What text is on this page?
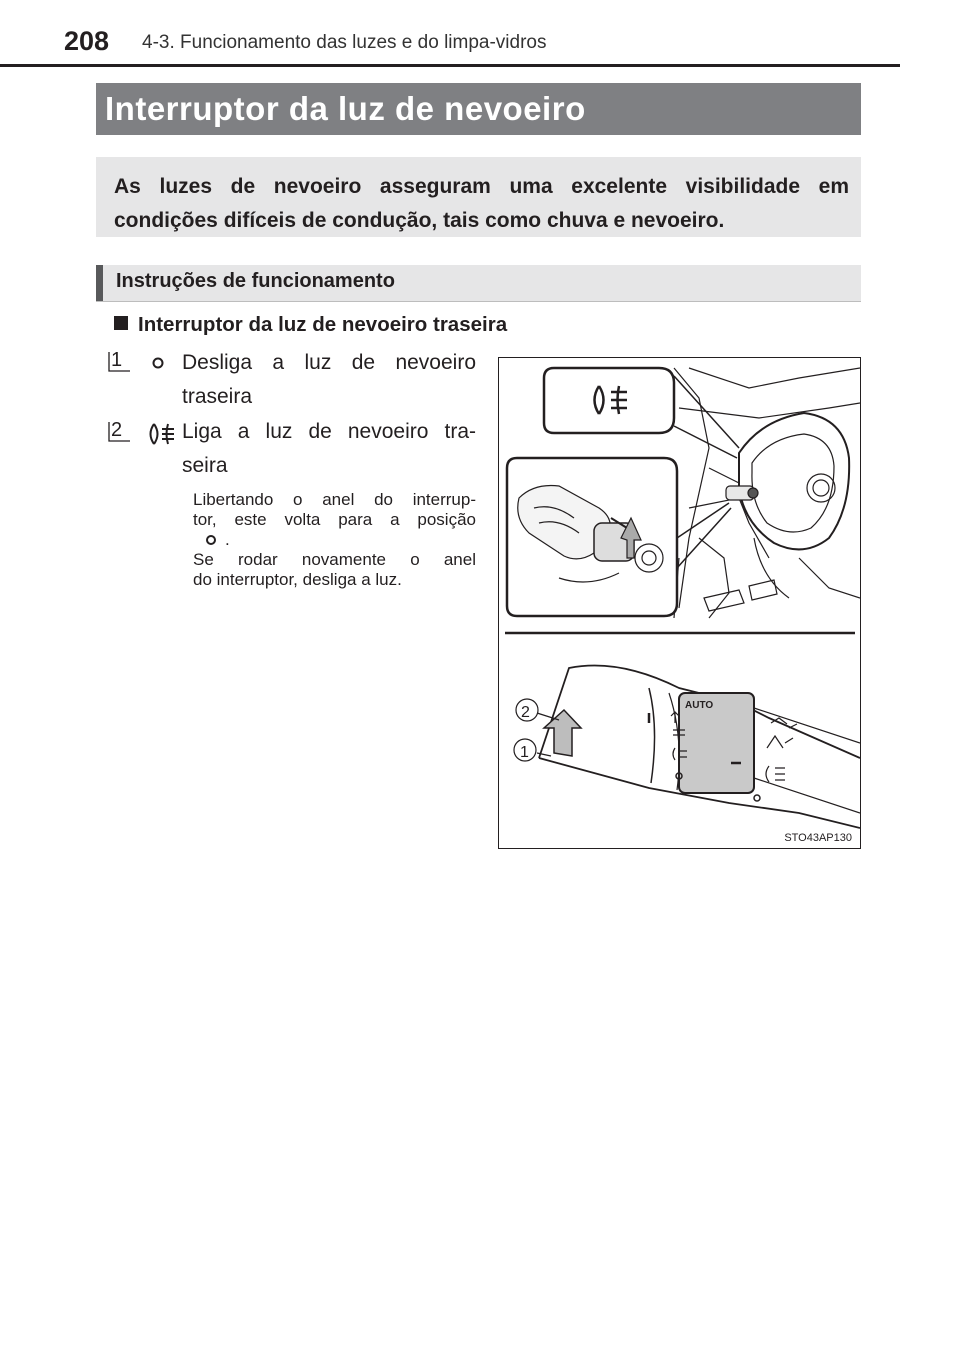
208 4-3. Funcionamento das luzes e do limpa-vidros
Interruptor da luz de nevoeiro
As luzes de nevoeiro asseguram uma excelente visibilidade em condições difíceis de condução, tais como chuva e nevoeiro.
Instruções de funcionamento
Interruptor da luz de nevoeiro traseira
1	Desliga a luz de nevoeiro
traseira
2	Liga a luz de nevoeiro tra-
seira
Libertando o anel do interrup-
tor, este volta para a posição
.
Se rodar novamente o anel
do interruptor, desliga a luz.
AUTO
2
1
STO43AP130
